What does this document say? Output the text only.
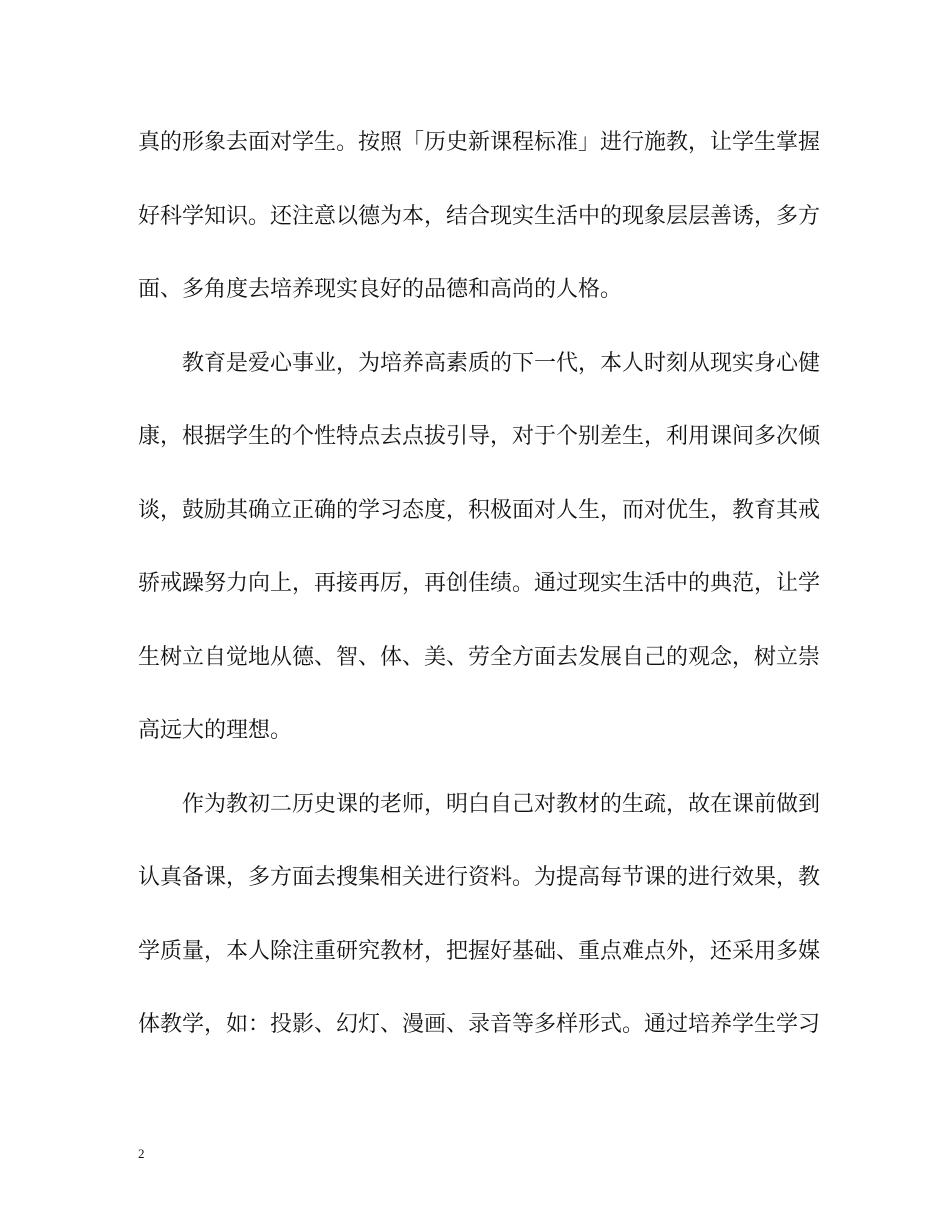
真的形象去面对学生。按照「历史新课程标准」进行施教，让学生掌握
好科学知识。还注意以德为本，结合现实生活中的现象层层善诱，多方
面、多角度去培养现实良好的品德和高尚的人格。
教育是爱心事业，为培养高素质的下一代，本人时刻从现实身心健
康，根据学生的个性特点去点拔引导，对于个别差生，利用课间多次倾
谈，鼓励其确立正确的学习态度，积极面对人生，而对优生，教育其戒
骄戒躁努力向上，再接再厉，再创佳绩。通过现实生活中的典范，让学
生树立自觉地从德、智、体、美、劳全方面去发展自己的观念，树立崇
高远大的理想。
作为教初二历史课的老师，明白自己对教材的生疏，故在课前做到
认真备课，多方面去搜集相关进行资料。为提高每节课的进行效果，教
学质量，本人除注重研究教材，把握好基础、重点难点外，还采用多媒
体教学，如：投影、幻灯、漫画、录音等多样形式。通过培养学生学习
2
